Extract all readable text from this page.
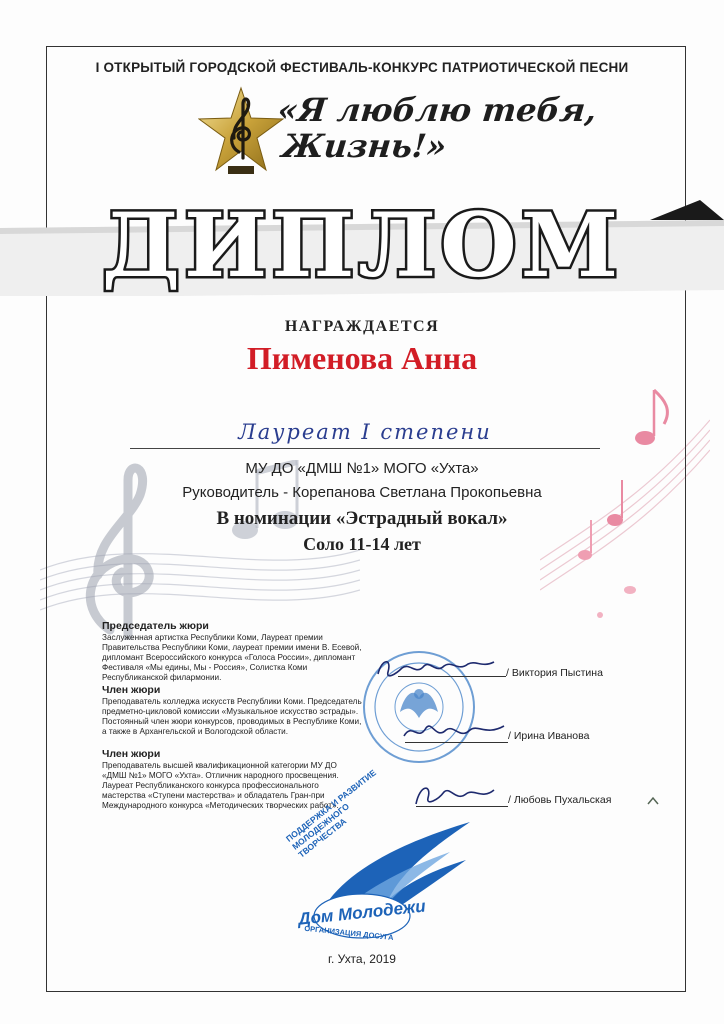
I ОТКРЫТЫЙ ГОРОДСКОЙ ФЕСТИВАЛЬ-КОНКУРС ПАТРИОТИЧЕСКОЙ ПЕСНИ
«Я люблю тебя,
Жизнь!»
ДИПЛОМ
НАГРАЖДАЕТСЯ
Пименова Анна
Лауреат I степени
МУ ДО «ДМШ №1» МОГО «Ухта»
Руководитель - Корепанова Светлана Прокопьевна
В номинации «Эстрадный вокал»
Соло 11-14 лет
Председатель жюри
Заслуженная артистка Республики Коми, Лауреат премии Правительства Республики Коми, лауреат премии имени В. Есевой, дипломант Всероссийского конкурса «Голоса России», дипломант Фестиваля «Мы едины, Мы - Россия», Солистка Коми Республиканской филармонии.
Член жюри
Преподаватель колледжа искусств Республики Коми. Председатель предметно-цикловой комиссии «Музыкальное искусство эстрады». Постоянный член жюри конкурсов, проводимых в Республике Коми, а также в Архангельской и Вологодской области.
Член жюри
Преподаватель высшей квалификационной категории МУ ДО «ДМШ №1» МОГО «Ухта». Отличник народного просвещения. Лауреат Республиканского конкурса профессионального мастерства «Ступени мастерства» и обладатель Гран-при Международного конкурса «Методических творческих работ».
/ Виктория Пыстина
/ Ирина Иванова
/ Любовь Пухальская
ПОДДЕРЖКА И РАЗВИТИЕ МОЛОДЕЖНОГО ТВОРЧЕСТВА
Дом Молодежи
ОРГАНИЗАЦИЯ ДОСУГА
г. Ухта, 2019
